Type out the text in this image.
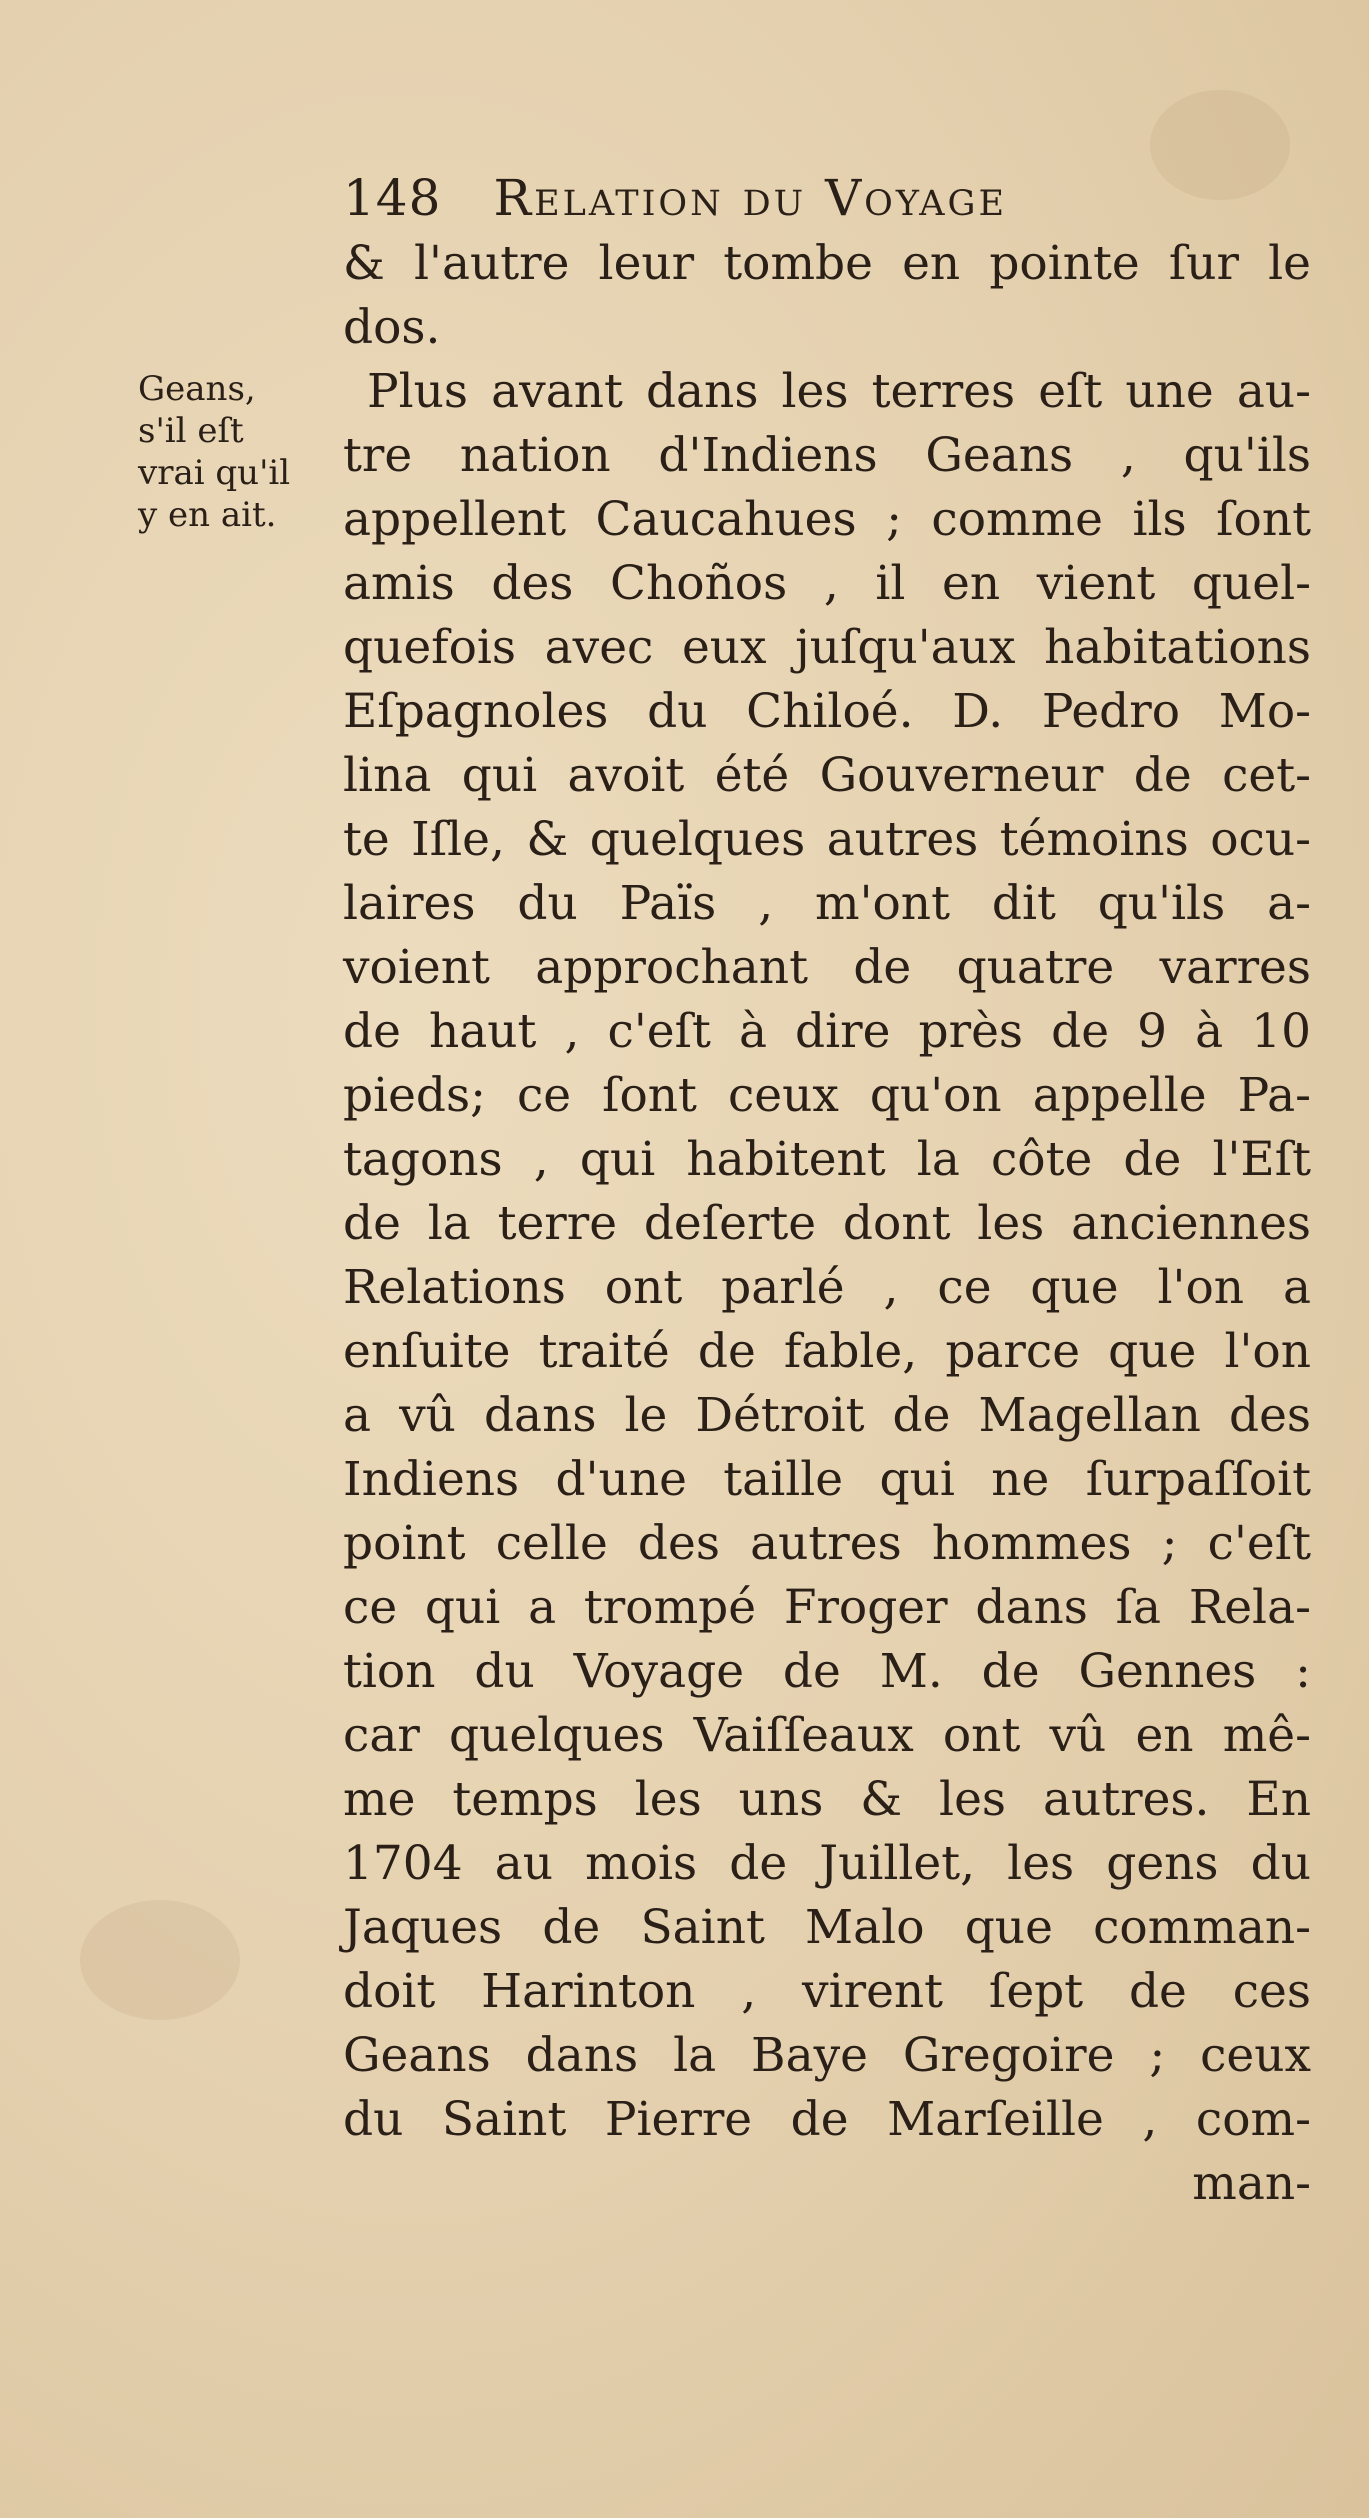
148 Relation du Voyage
Geans,
s'il eſt
vrai qu'il
y en ait.
& l'autre leur tombe en pointe ſur le
dos.
Plus avant dans les terres eſt une au-
tre nation d'Indiens Geans , qu'ils
appellent Caucahues ; comme ils ſont
amis des Choños , il en vient quel-
quefois avec eux juſqu'aux habitations
Eſpagnoles du Chiloé. D. Pedro Mo-
lina qui avoit été Gouverneur de cet-
te Iſle, & quelques autres témoins ocu-
laires du Païs , m'ont dit qu'ils a-
voient approchant de quatre varres
de haut , c'eſt à dire près de 9 à 10
pieds; ce ſont ceux qu'on appelle Pa-
tagons , qui habitent la côte de l'Eſt
de la terre deſerte dont les anciennes
Relations ont parlé , ce que l'on a
enſuite traité de fable, parce que l'on
a vû dans le Détroit de Magellan des
Indiens d'une taille qui ne ſurpaſſoit
point celle des autres hommes ; c'eſt
ce qui a trompé Froger dans ſa Rela-
tion du Voyage de M. de Gennes :
car quelques Vaiſſeaux ont vû en mê-
me temps les uns & les autres. En
1704 au mois de Juillet, les gens du
Jaques de Saint Malo que comman-
doit Harinton , virent ſept de ces
Geans dans la Baye Gregoire ; ceux
du Saint Pierre de Marſeille , com-
man-
